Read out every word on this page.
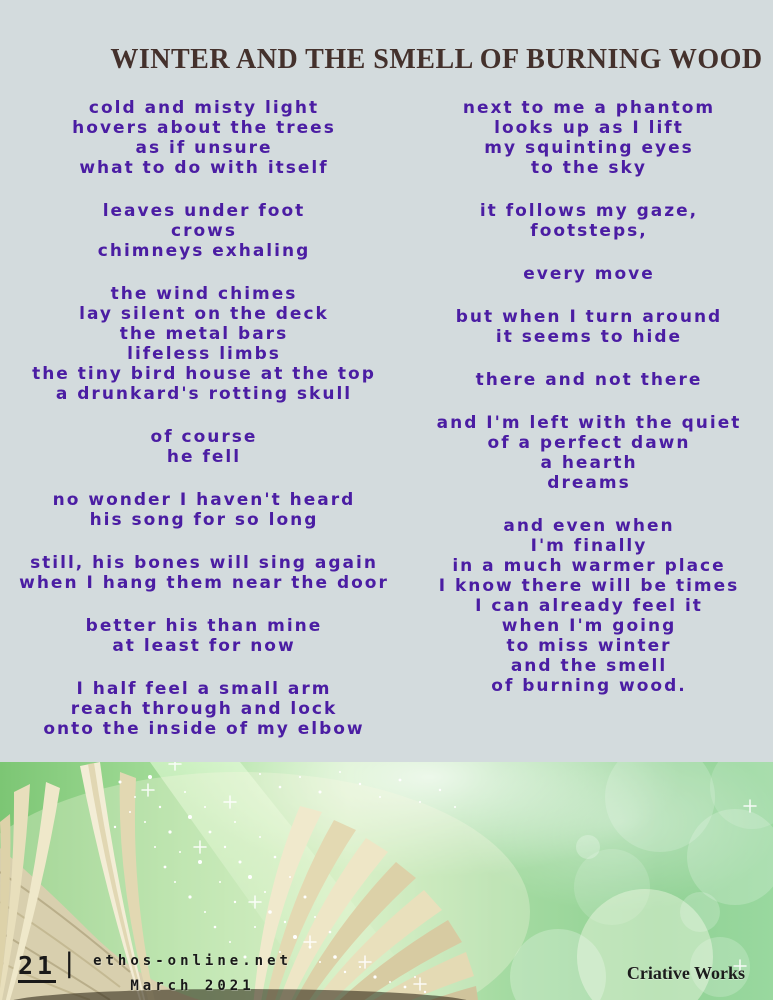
WINTER AND THE SMELL OF BURNING WOOD

cold and misty light
hovers about the trees
as if unsure
what to do with itself

leaves under foot
crows
chimneys exhaling

the wind chimes
lay silent on the deck
the metal bars
lifeless limbs
the tiny bird house at the top
a drunkard's rotting skull

of course
he fell

no wonder I haven't heard
his song for so long

still, his bones will sing again
when I hang them near the door

better his than mine
at least for now

I half feel a small arm
reach through and lock
onto the inside of my elbow

next to me a phantom
looks up as I lift
my squinting eyes
to the sky

it follows my gaze,
footsteps,

every move

but when I turn around
it seems to hide

there and not there

and I'm left with the quiet
of a perfect dawn
a hearth
dreams

and even when
I'm finally
in a much warmer place
I know there will be times
I can already feel it
when I'm going
to miss winter
and the smell
of burning wood.

21 |	ethos-online.net
March 2021
Criative Works
